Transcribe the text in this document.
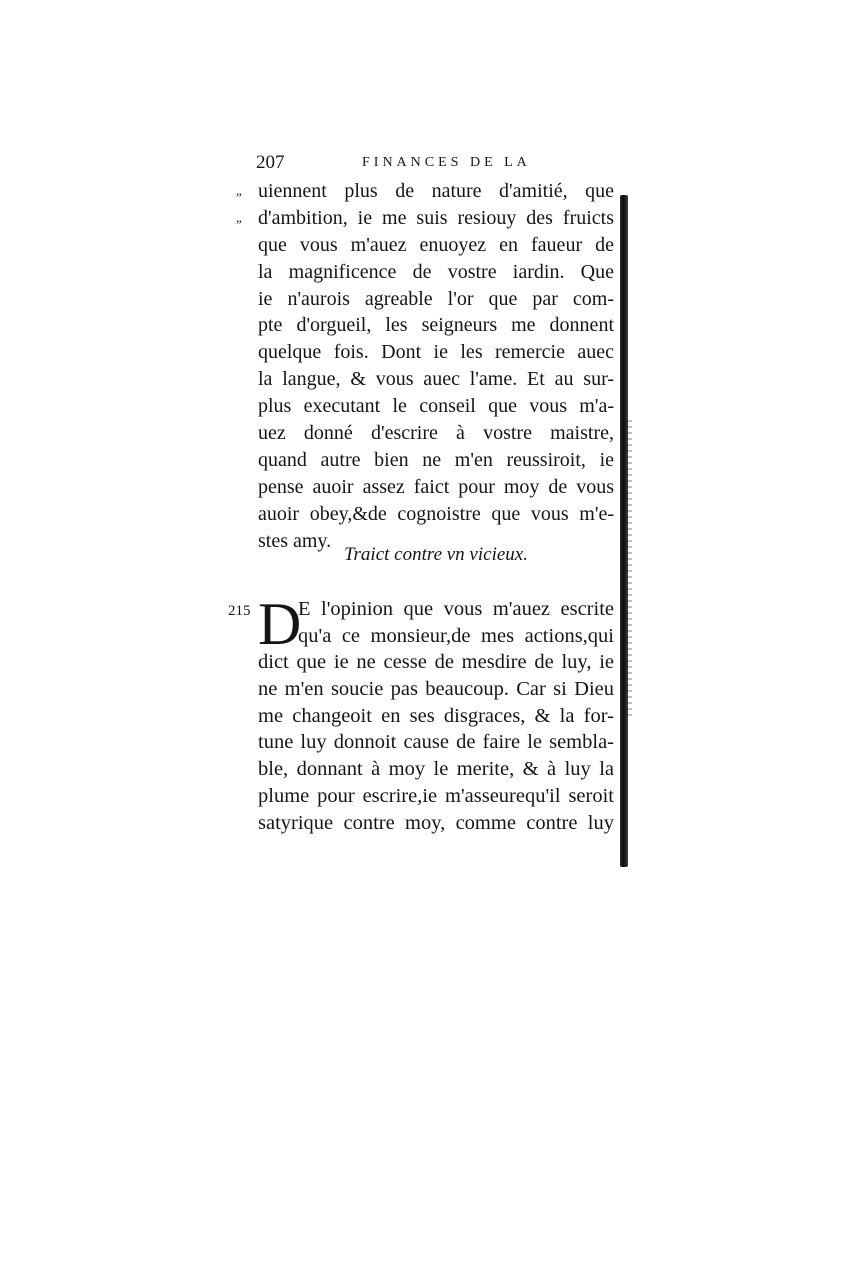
207	FINANCES DE LA
„ uiennent plus de nature d'amitié, que
„ d'ambition, ie me suis resiouy des fruicts
que vous m'auez enuoyez en faueur de
la magnificence de vostre iardin. Que
ie n'aurois agreable l'or que par com-
pte d'orgueil, les seigneurs me donnent
quelque fois. Dont ie les remercie auec
la langue, & vous auec l'ame. Et au sur-
plus executant le conseil que vous m'a-
uez donné d'escrire à vostre maistre,
quand autre bien ne m'en reussiroit, ie
pense auoir assez faict pour moy de vous
auoir obey,&de cognoistre que vous m'e-
stes amy.
Traict contre vn vicieux.
215 D
E l'opinion que vous m'auez escrite
qu'a ce monsieur,de mes actions,qui
dict que ie ne cesse de mesdire de luy, ie
ne m'en soucie pas beaucoup. Car si Dieu
me changeoit en ses disgraces, & la for-
tune luy donnoit cause de faire le sembla-
ble, donnant à moy le merite, & à luy la
plume pour escrire,ie m'asseurequ'il seroit
satyrique contre moy, comme contre luy
